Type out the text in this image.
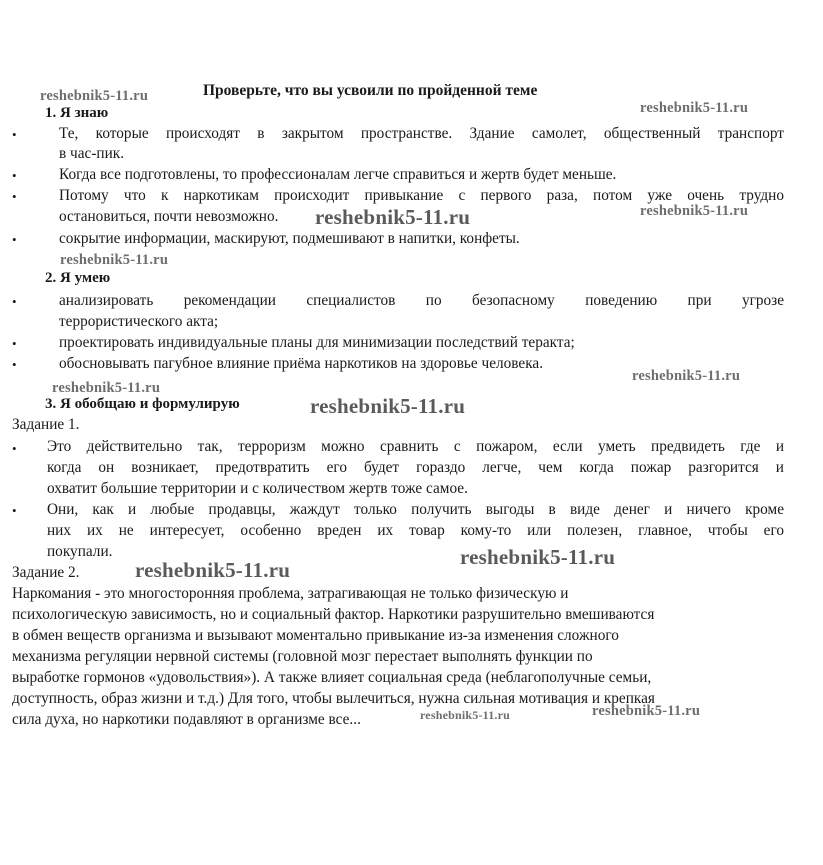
Проверьте, что вы усвоили по пройденной теме
1. Я знаю
•	Те, которые происходят в закрытом пространстве. Здание самолет, общественный транспорт
в час-пик.
•	Когда все подготовлены, то профессионалам легче справиться и жертв будет меньше.
•	Потому что к наркотикам происходит привыкание с первого раза, потом уже очень трудно
остановиться, почти невозможно.
•	сокрытие информации, маскируют, подмешивают в напитки, конфеты.
2. Я умею
•	анализировать рекомендации специалистов по безопасному поведению при угрозе
террористического акта;
•	проектировать индивидуальные планы для минимизации последствий теракта;
•	обосновывать пагубное влияние приёма наркотиков на здоровье человека.
3. Я обобщаю и формулирую
Задание 1.
• Это действительно так, терроризм можно сравнить с пожаром, если уметь предвидеть где и
когда он возникает, предотвратить его будет гораздо легче, чем когда пожар разгорится и
охватит большие территории и с количеством жертв тоже самое.
• Они, как и любые продавцы, жаждут только получить выгоды в виде денег и ничего кроме
них их не интересует, особенно вреден их товар кому-то или полезен, главное, чтобы его
покупали.
Задание 2.
Наркомания - это многосторонняя проблема, затрагивающая не только физическую и
психологическую зависимость, но и социальный фактор. Наркотики разрушительно вмешиваются
в обмен веществ организма и вызывают моментально привыкание из-за изменения сложного
механизма регуляции нервной системы (головной мозг перестает выполнять функции по
выработке гормонов «удовольствия»). А также влияет социальная среда (неблагополучные семьи,
доступность, образ жизни и т.д.) Для того, чтобы вылечиться, нужна сильная мотивация и крепкая
сила духа, но наркотики подавляют в организме все...
reshebnik5-11.ru
reshebnik5-11.ru
reshebnik5-11.ru	reshebnik5-11.ru
reshebnik5-11.ru
reshebnik5-11.ru
reshebnik5-11.ru
reshebnik5-11.ru
reshebnik5-11.ru
reshebnik5-11.ru
reshebnik5-11.ru	reshebnik5-11.ru
